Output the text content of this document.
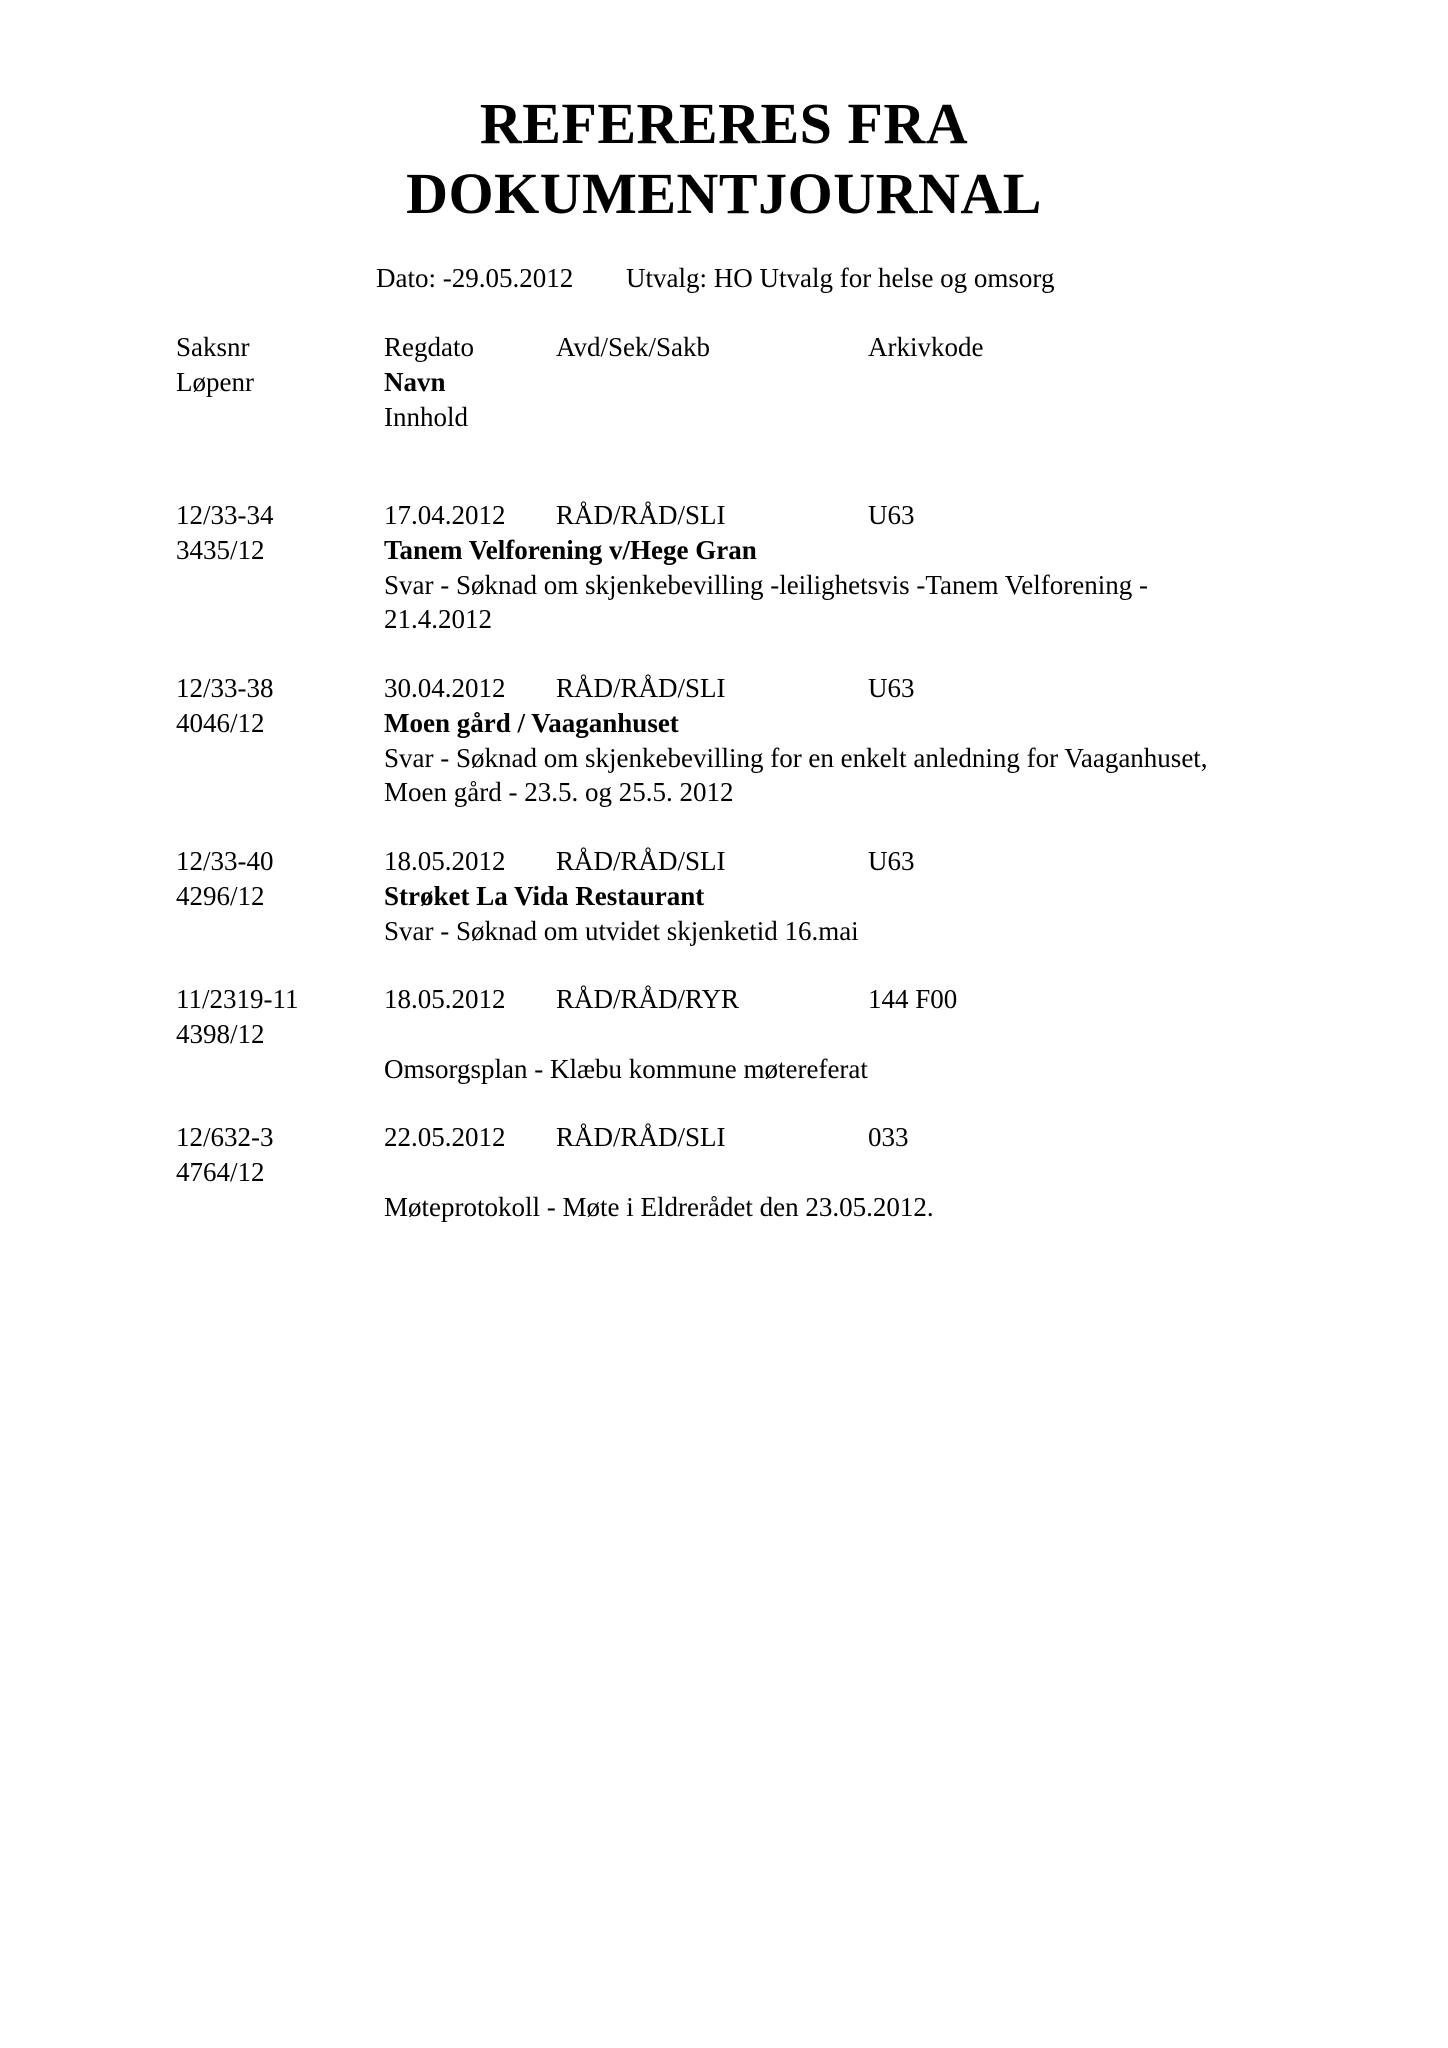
REFERERES FRA
DOKUMENTJOURNAL
Dato: -29.05.2012 Utvalg: HO Utvalg for helse og omsorg
Saksnr	Regdato	Avd/Sek/Sakb	Arkivkode
Løpenr	Navn
Innhold
12/33-34	17.04.2012 RÅD/RÅD/SLI	U63
3435/12	Tanem Velforening v/Hege Gran
Svar - Søknad om skjenkebevilling -leilighetsvis -Tanem Velforening -
21.4.2012
12/33-38	30.04.2012 RÅD/RÅD/SLI	U63
4046/12	Moen gård / Vaaganhuset
Svar - Søknad om skjenkebevilling for en enkelt anledning for Vaaganhuset,
Moen gård - 23.5. og 25.5. 2012
12/33-40	18.05.2012 RÅD/RÅD/SLI	U63
4296/12	Strøket La Vida Restaurant
Svar - Søknad om utvidet skjenketid 16.mai
11/2319-11	18.05.2012 RÅD/RÅD/RYR	144 F00
4398/12
Omsorgsplan - Klæbu kommune møtereferat
12/632-3	22.05.2012 RÅD/RÅD/SLI	033
4764/12
Møteprotokoll - Møte i Eldrerådet den 23.05.2012.
